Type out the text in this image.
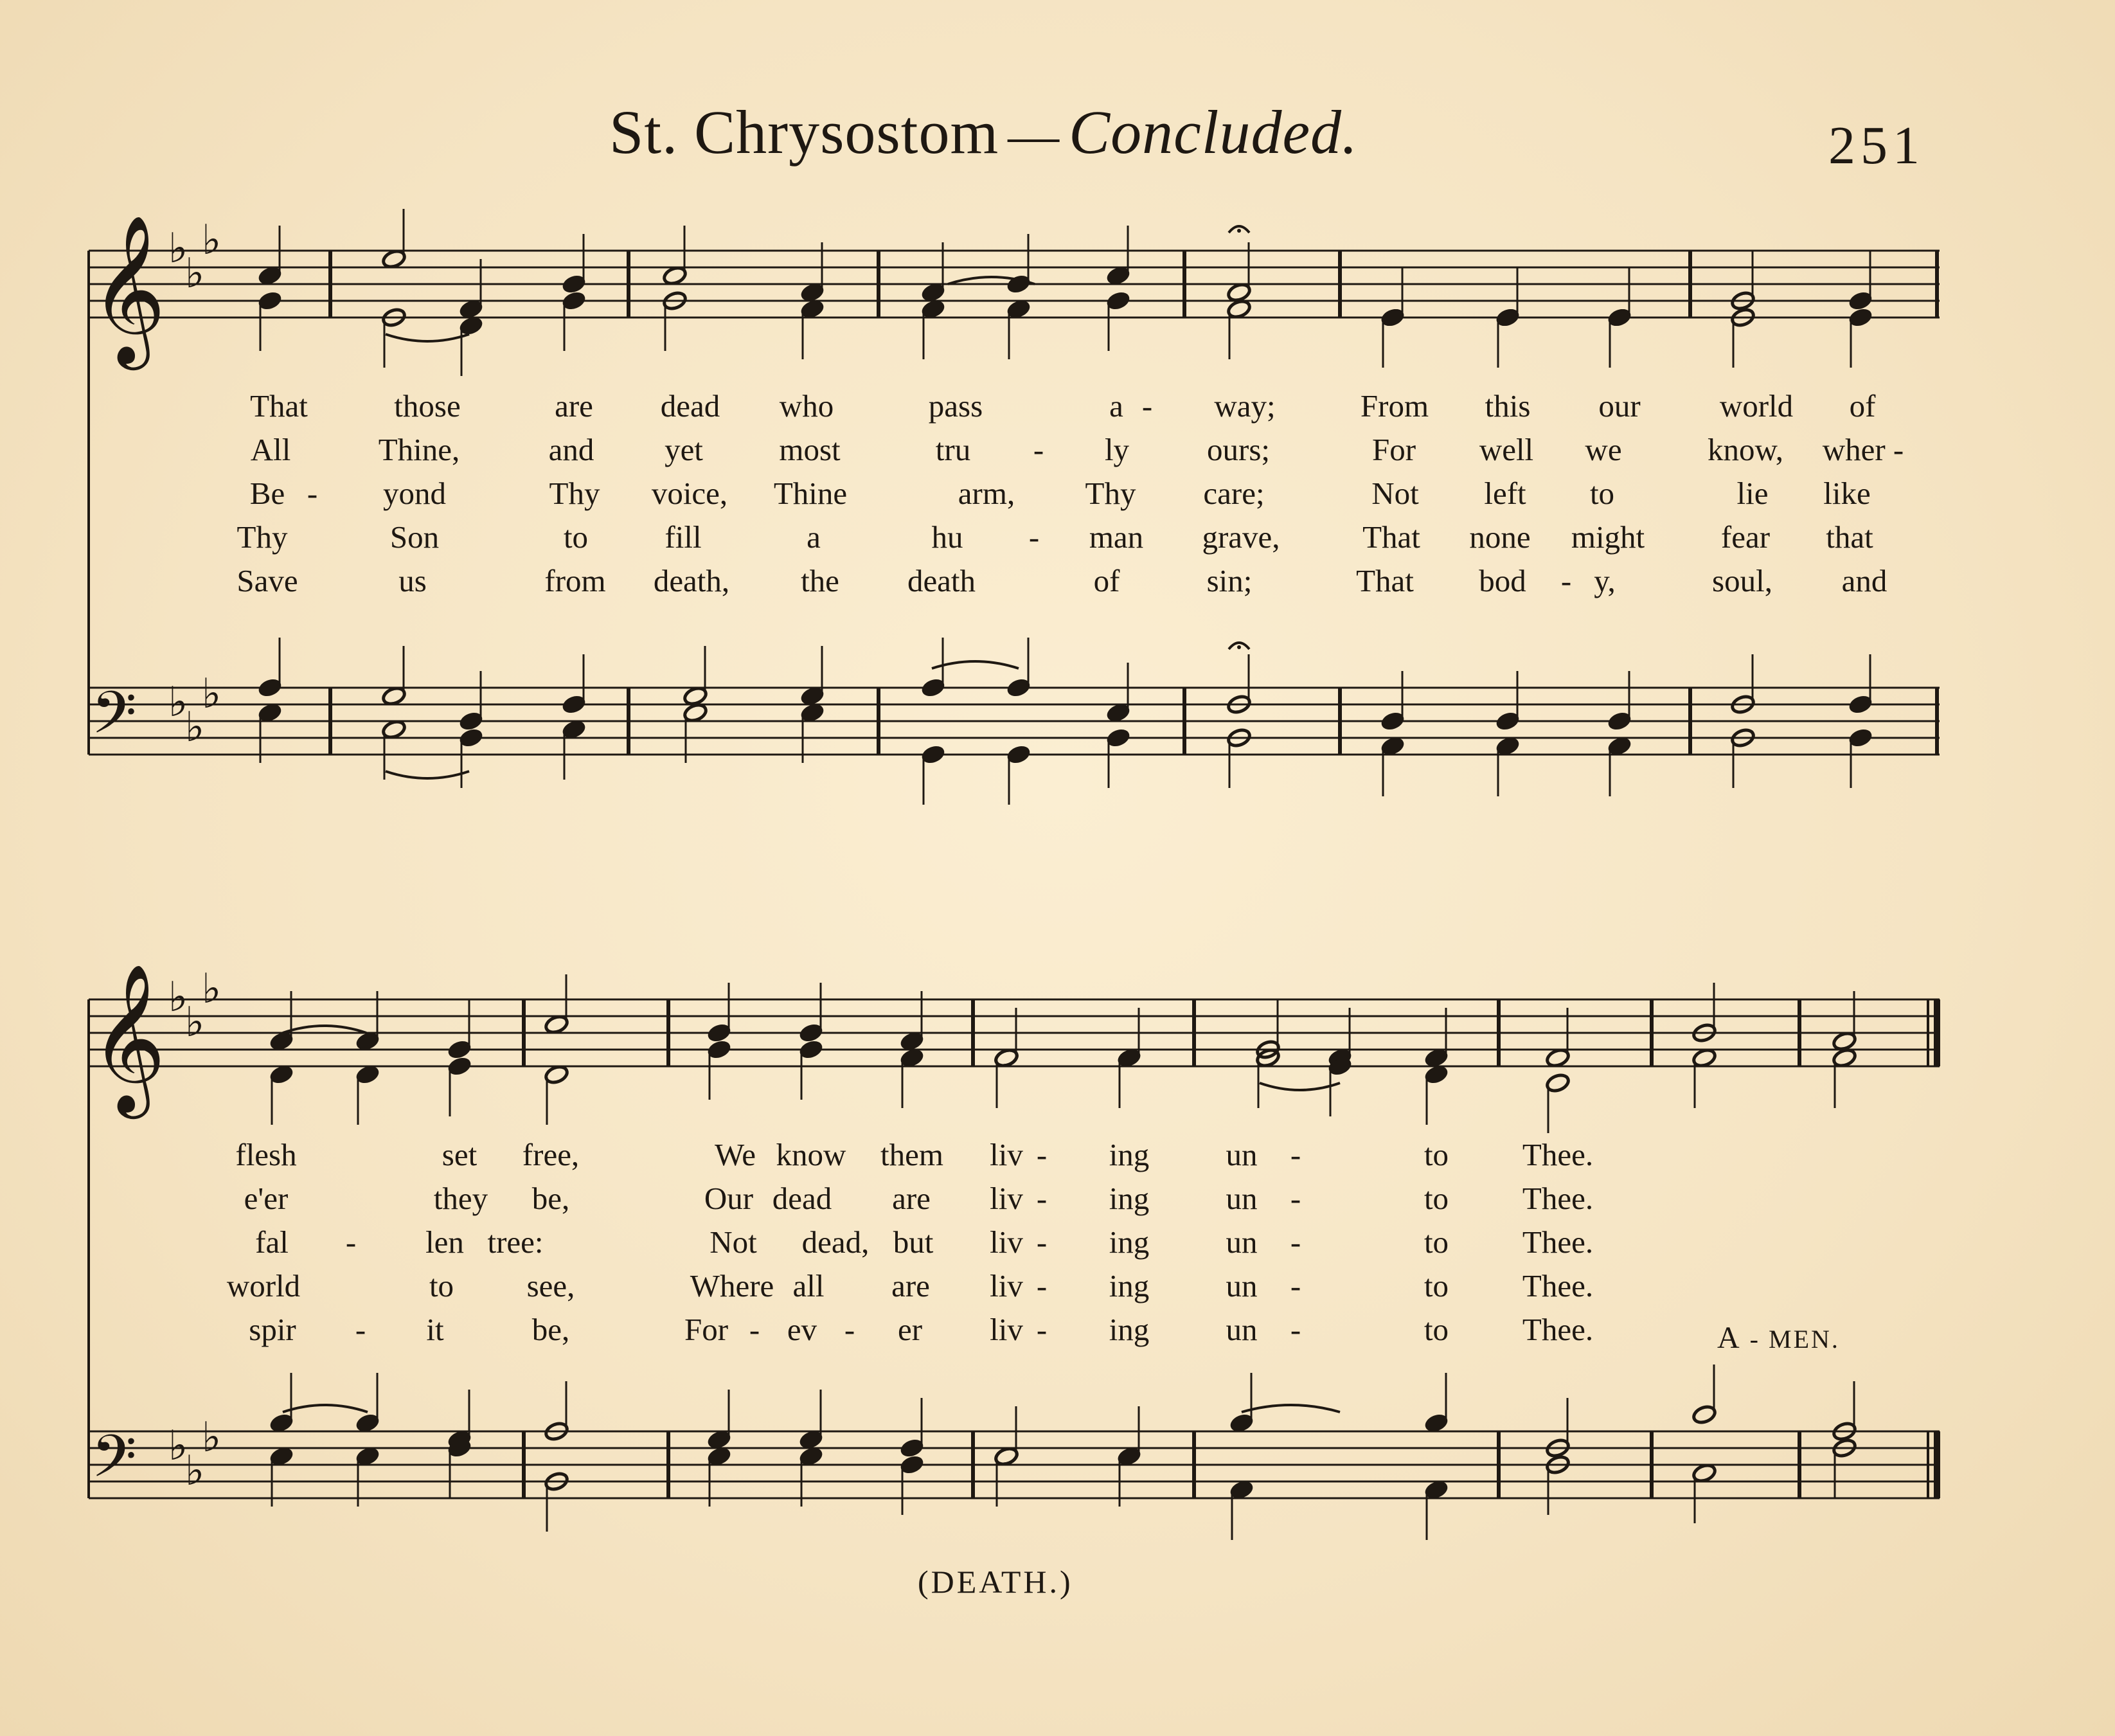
St. Chrysostom — Concluded.	251
𝄞
𝄢
♭
♭
♭
♭
♭
♭
𝄞
𝄢
♭
♭
♭
♭
♭
♭
That	those	are dead who	pass	a - way;	From this our	world of
All	Thine,	and yet most	tru - ly ours;	For well we	know, wher -
Be - yond	Thy voice, Thine	arm, Thy care;	Not left to	lie like
Thy	Son	to fill	a	hu - man grave,	That none might fear that
Save	us	from death, the death	of	sin;	That bod - y,	soul, and
flesh	set free,	We know them liv - ing un -	to Thee.
e'er	they be,	Our dead are liv - ing un -	to Thee.
fal - len tree:	Not dead, but liv - ing un -	to Thee.
world	to see,	Where all are liv - ing un -	to Thee.
spir - it	be,	For - ev - er liv - ing un -	to Thee.	A - MEN.
(DEATH.)
